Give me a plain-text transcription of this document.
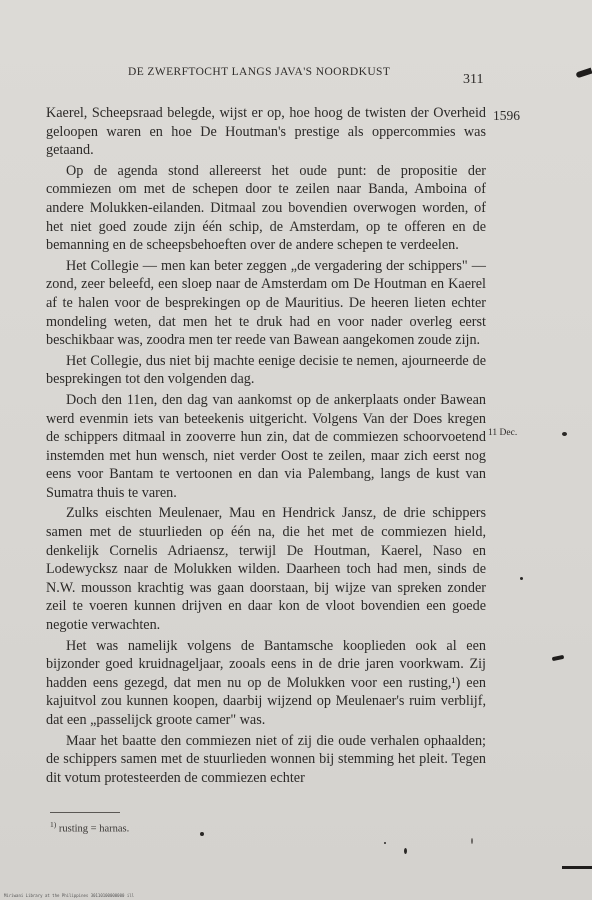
DE ZWERFTOCHT LANGS JAVA'S NOORDKUST	311
1596
11 Dec.

Kaerel, Scheepsraad belegde, wijst er op, hoe hoog de twisten der Overheid geloopen waren en hoe De Houtman's prestige als oppercommies was getaand.

Op de agenda stond allereerst het oude punt: de propositie der commiezen om met de schepen door te zeilen naar Banda, Amboina of andere Molukken-eilanden. Ditmaal zou bovendien overwogen worden, of het niet goed zoude zijn één schip, de Amsterdam, op te offeren en de bemanning en de scheepsbehoeften over de andere schepen te verdeelen.

Het Collegie — men kan beter zeggen „de vergadering der schippers" — zond, zeer beleefd, een sloep naar de Amsterdam om De Houtman en Kaerel af te halen voor de besprekingen op de Mauritius. De heeren lieten echter mondeling weten, dat men het te druk had en voor nader overleg eerst beschikbaar was, zoodra men ter reede van Bawean aangekomen zoude zijn.

Het Collegie, dus niet bij machte eenige decisie te nemen, ajourneerde de besprekingen tot den volgenden dag.

Doch den 11en, den dag van aankomst op de ankerplaats onder Bawean werd evenmin iets van beteekenis uitgericht. Volgens Van der Does kregen de schippers ditmaal in zooverre hun zin, dat de commiezen schoorvoetend instemden met hun wensch, niet verder Oost te zeilen, maar zich eerst nog eens voor Bantam te vertoonen en dan via Palembang, langs de kust van Sumatra thuis te varen.

Zulks eischten Meulenaer, Mau en Hendrick Jansz, de drie schippers samen met de stuurlieden op één na, die het met de commiezen hield, denkelijk Cornelis Adriaensz, terwijl De Houtman, Kaerel, Naso en Lodewycksz naar de Molukken wilden. Daarheen toch had men, sinds de N.W. mousson krachtig was gaan doorstaan, bij wijze van spreken zonder zeil te voeren kunnen drijven en daar kon de vloot bovendien een goede negotie verwachten.

Het was namelijk volgens de Bantamsche kooplieden ook al een bijzonder goed kruidnageljaar, zooals eens in de drie jaren voorkwam. Zij hadden eens gezegd, dat men nu op de Molukken voor een rusting,¹) een kajuitvol zou kunnen koopen, daarbij wijzend op Meulenaer's ruim verblijf, dat een „passelijck groote camer" was.

Maar het baatte den commiezen niet of zij die oude verhalen ophaalden; de schippers samen met de stuurlieden wonnen bij stemming het pleit. Tegen dit votum protesteerden de commiezen echter

$^{1)}$ rusting = harnas.
Miriwani Library at the Philippines 30110100000000 ill
